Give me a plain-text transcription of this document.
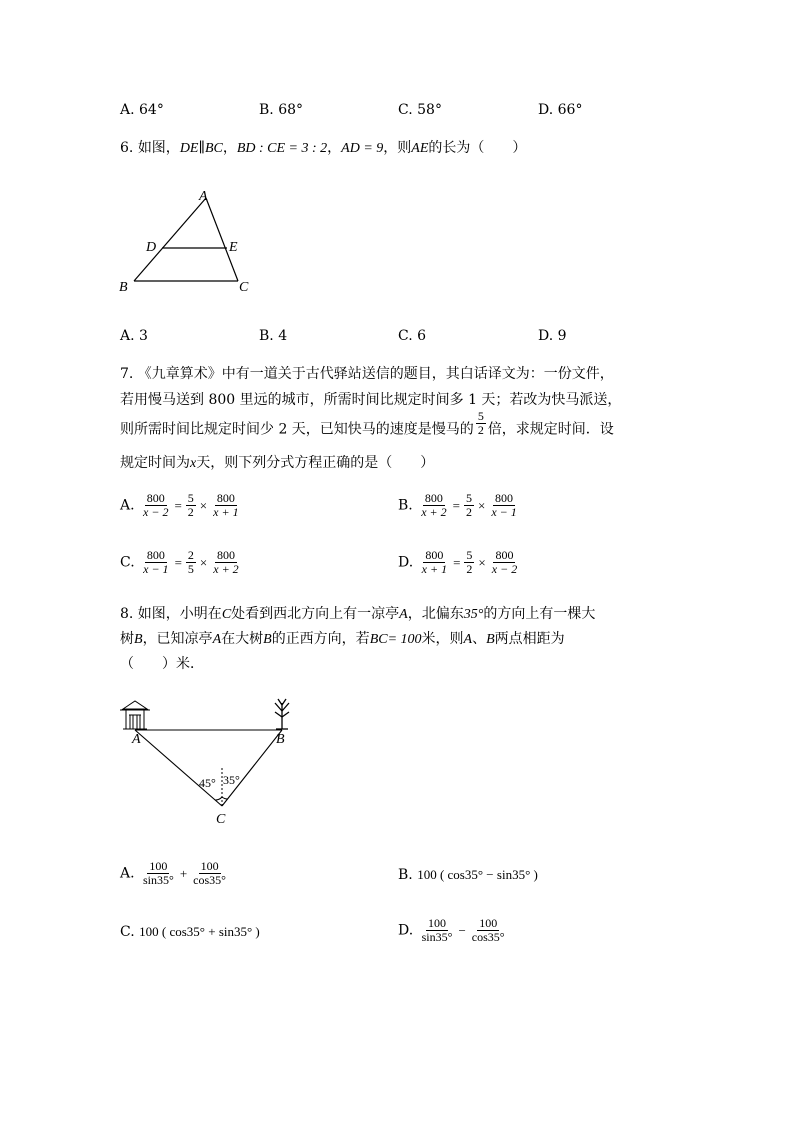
A. 64°	B. 68°	C. 58°	D. 66°
6. 如图，DE∥BC，BD : CE = 3 : 2，AD = 9，则AE的长为（　　）
A
B	C
D	E
A. 3	B. 4	C. 6	D. 9
7. 《九章算术》中有一道关于古代驿站送信的题目，其白话译文为：一份文件，
若用慢马送到 800 里远的城市，所需时间比规定时间多 1 天；若改为快马派送，
则所需时间比规定时间少 2 天，已知快马的速度是慢马的 $\frac{5}{2}$ 倍，求规定时间．设
规定时间为x天，则下列分式方程正确的是（　　）
A. $\frac{800}{x - 2} = \frac{5}{2} \times \frac{800}{x + 1}$	B. $\frac{800}{x + 2} = \frac{5}{2} \times \frac{800}{x - 1}$
C. $\frac{800}{x - 1} = \frac{2}{5} \times \frac{800}{x + 2}$	D. $\frac{800}{x + 1} = \frac{5}{2} \times \frac{800}{x - 2}$
8. 如图，小明在C处看到西北方向上有一凉亭A，北偏东35°的方向上有一棵大
树B，已知凉亭A在大树B的正西方向，若BC= 100米，则A、B两点相距为
（　　）米．
A	B
C
45° 35°
A. $\frac{100}{\sin 35^\circ} + \frac{100}{\cos 35^\circ}$	B. 100 ( cos35° − sin35° )
C. 100 ( cos35° + sin35° )	D. $\frac{100}{\sin 35^\circ} - \frac{100}{\cos 35^\circ}$
